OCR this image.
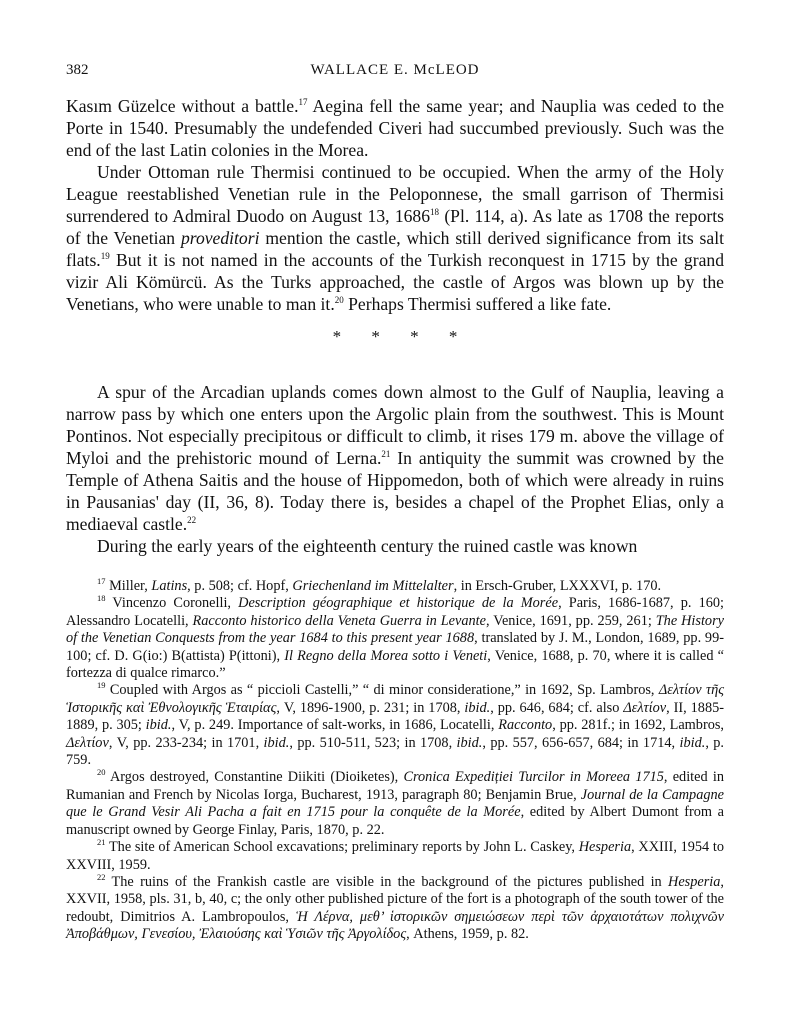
382	WALLACE E. McLEOD

Kasım Güzelce without a battle.$^{17}$ Aegina fell the same year; and Nauplia was ceded to the Porte in 1540. Presumably the undefended Civeri had succumbed previously. Such was the end of the last Latin colonies in the Morea.

Under Ottoman rule Thermisi continued to be occupied. When the army of the Holy League reestablished Venetian rule in the Peloponnese, the small garrison of Thermisi surrendered to Admiral Duodo on August 13, 1686$^{18}$ (Pl. 114, a). As late as 1708 the reports of the Venetian proveditori mention the castle, which still derived significance from its salt flats.$^{19}$ But it is not named in the accounts of the Turkish reconquest in 1715 by the grand vizir Ali Kömürcü. As the Turks approached, the castle of Argos was blown up by the Venetians, who were unable to man it.$^{20}$ Perhaps Thermisi suffered a like fate.

* * * *

A spur of the Arcadian uplands comes down almost to the Gulf of Nauplia, leaving a narrow pass by which one enters upon the Argolic plain from the southwest. This is Mount Pontinos. Not especially precipitous or difficult to climb, it rises 179 m. above the village of Myloi and the prehistoric mound of Lerna.$^{21}$ In antiquity the summit was crowned by the Temple of Athena Saitis and the house of Hippomedon, both of which were already in ruins in Pausanias' day (II, 36, 8). Today there is, besides a chapel of the Prophet Elias, only a mediaeval castle.$^{22}$

During the early years of the eighteenth century the ruined castle was known

$^{17}$ Miller, Latins, p. 508; cf. Hopf, Griechenland im Mittelalter, in Ersch-Gruber, LXXXVI, p. 170.

$^{18}$ Vincenzo Coronelli, Description géographique et historique de la Morée, Paris, 1686-1687, p. 160; Alessandro Locatelli, Racconto historico della Veneta Guerra in Levante, Venice, 1691, pp. 259, 261; The History of the Venetian Conquests from the year 1684 to this present year 1688, translated by J. M., London, 1689, pp. 99-100; cf. D. G(io:) B(attista) P(ittoni), Il Regno della Morea sotto i Veneti, Venice, 1688, p. 70, where it is called “ fortezza di qualce rimarco.”

$^{19}$ Coupled with Argos as “ piccioli Castelli,” “ di minor consideratione,” in 1692, Sp. Lambros, Δελτίον τῆς Ἱστορικῆς καὶ Ἐθνολογικῆς Ἑταιρίας, V, 1896-1900, p. 231; in 1708, ibid., pp. 646, 684; cf. also Δελτίον, II, 1885-1889, p. 305; ibid., V, p. 249. Importance of salt-works, in 1686, Locatelli, Racconto, pp. 281f.; in 1692, Lambros, Δελτίον, V, pp. 233-234; in 1701, ibid., pp. 510-511, 523; in 1708, ibid., pp. 557, 656-657, 684; in 1714, ibid., p. 759.

$^{20}$ Argos destroyed, Constantine Diikiti (Dioiketes), Cronica Expediției Turcilor in Moreea 1715, edited in Rumanian and French by Nicolas Iorga, Bucharest, 1913, paragraph 80; Benjamin Brue, Journal de la Campagne que le Grand Vesir Ali Pacha a fait en 1715 pour la conquête de la Morée, edited by Albert Dumont from a manuscript owned by George Finlay, Paris, 1870, p. 22.

$^{21}$ The site of American School excavations; preliminary reports by John L. Caskey, Hesperia, XXIII, 1954 to XXVIII, 1959.

$^{22}$ The ruins of the Frankish castle are visible in the background of the pictures published in Hesperia, XXVII, 1958, pls. 31, b, 40, c; the only other published picture of the fort is a photograph of the south tower of the redoubt, Dimitrios A. Lambropoulos, Ἡ Λέρνα, μεθ’ ἱστορικῶν σημειώσεων περὶ τῶν ἀρχαιοτάτων πολιχνῶν Ἀποβάθμων, Γενεσίου, Ἐλαιούσης καὶ Ὑσιῶν τῆς Ἀργολίδος, Athens, 1959, p. 82.
